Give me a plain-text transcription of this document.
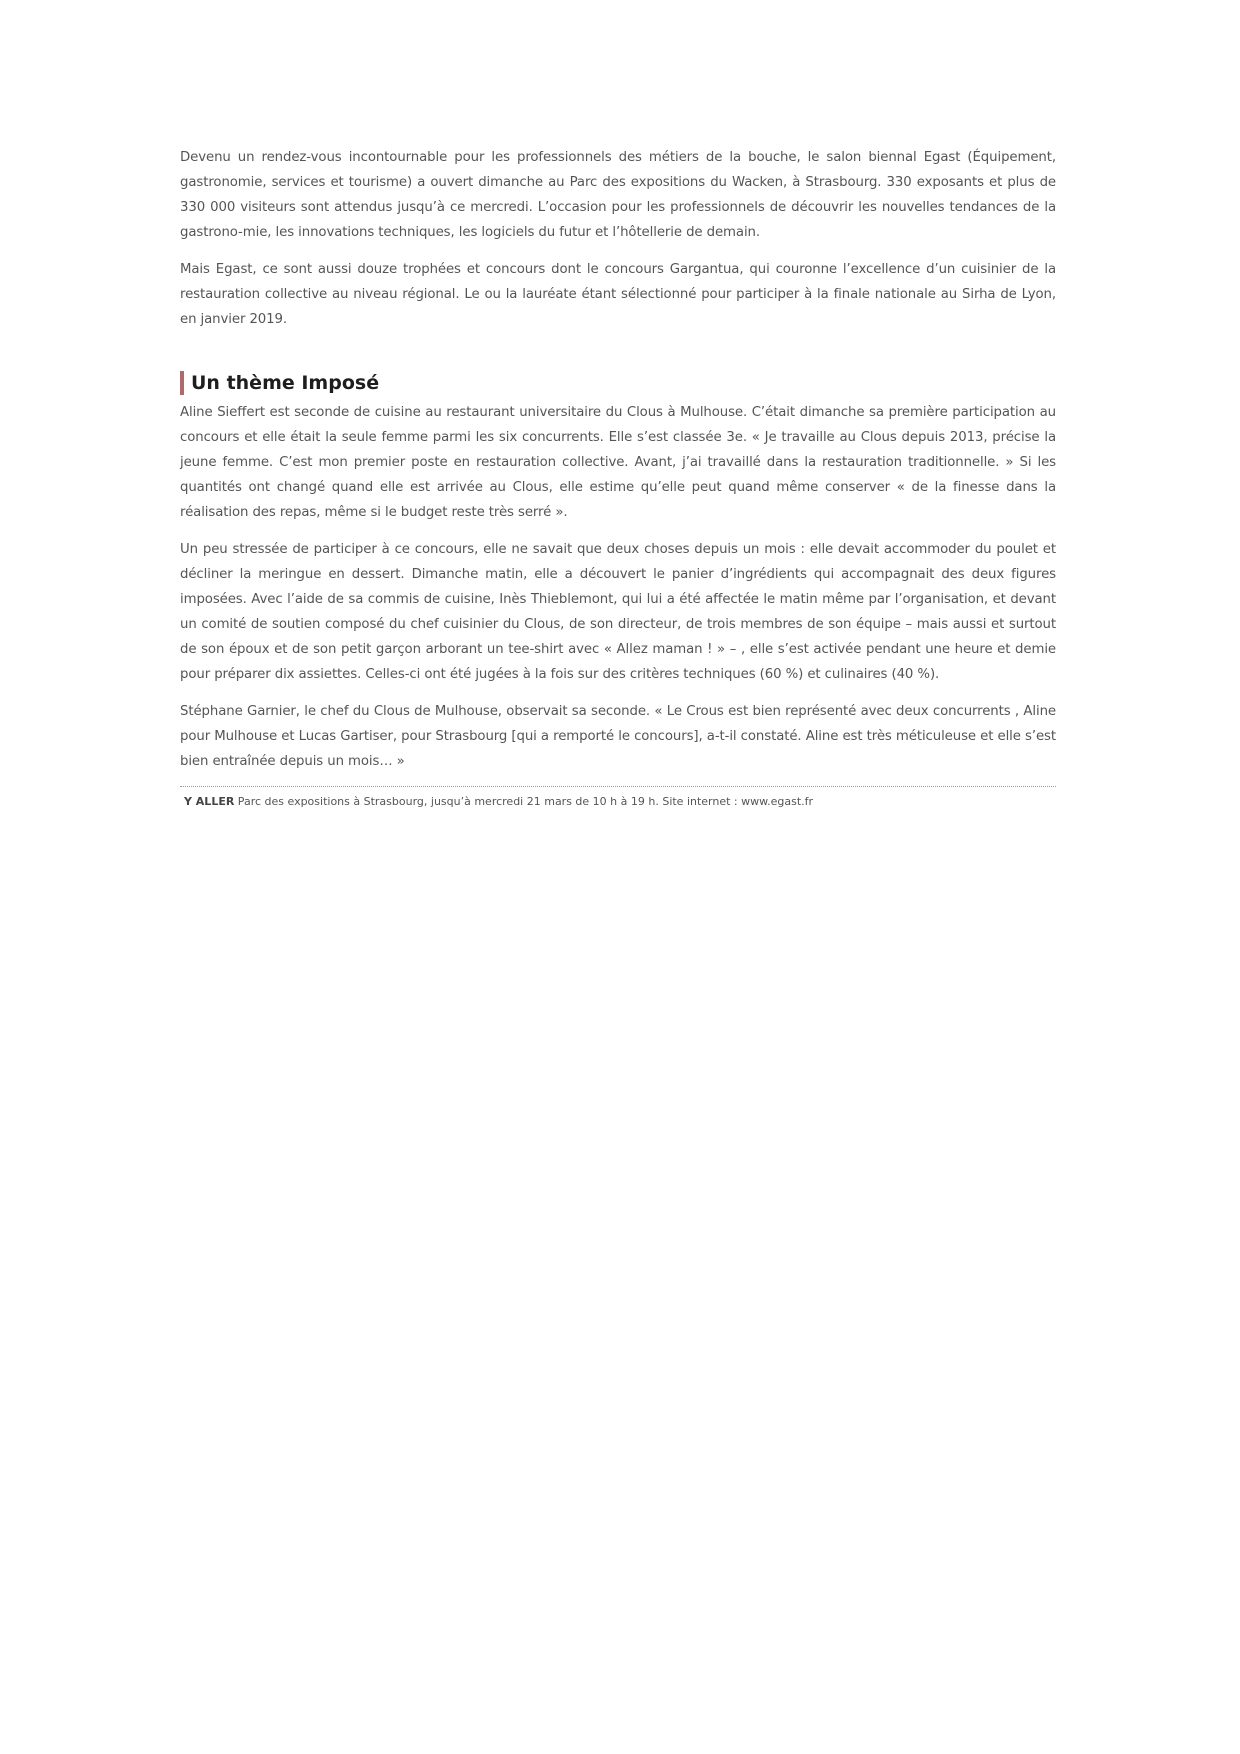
Devenu un rendez-vous incontournable pour les professionnels des métiers de la bouche, le salon biennal Egast (Équipement, gastronomie, services et tourisme) a ouvert dimanche au Parc des expositions du Wacken, à Strasbourg. 330 exposants et plus de 330 000 visiteurs sont attendus jusqu’à ce mercredi. L’occasion pour les professionnels de découvrir les nouvelles tendances de la gastrono-mie, les innovations techniques, les logiciels du futur et l’hôtellerie de demain.

Mais Egast, ce sont aussi douze trophées et concours dont le concours Gargantua, qui couronne l’excellence d’un cuisinier de la restauration collective au niveau régional. Le ou la lauréate étant sélectionné pour participer à la finale nationale au Sirha de Lyon, en janvier 2019.

Un thème Imposé

Aline Sieffert est seconde de cuisine au restaurant universitaire du Clous à Mulhouse. C’était dimanche sa première participation au concours et elle était la seule femme parmi les six concurrents. Elle s’est classée 3e. « Je travaille au Clous depuis 2013, précise la jeune femme. C’est mon premier poste en restauration collective. Avant, j’ai travaillé dans la restauration traditionnelle. » Si les quantités ont changé quand elle est arrivée au Clous, elle estime qu’elle peut quand même conserver « de la finesse dans la réalisation des repas, même si le budget reste très serré ».

Un peu stressée de participer à ce concours, elle ne savait que deux choses depuis un mois : elle devait accommoder du poulet et décliner la meringue en dessert. Dimanche matin, elle a découvert le panier d’ingrédients qui accompagnait des deux figures imposées. Avec l’aide de sa commis de cuisine, Inès Thieblemont, qui lui a été affectée le matin même par l’organisation, et devant un comité de soutien composé du chef cuisinier du Clous, de son directeur, de trois membres de son équipe – mais aussi et surtout de son époux et de son petit garçon arborant un tee-shirt avec « Allez maman ! » – , elle s’est activée pendant une heure et demie pour préparer dix assiettes. Celles-ci ont été jugées à la fois sur des critères techniques (60 %) et culinaires (40 %).

Stéphane Garnier, le chef du Clous de Mulhouse, observait sa seconde. « Le Crous est bien représenté avec deux concurrents , Aline pour Mulhouse et Lucas Gartiser, pour Strasbourg [qui a remporté le concours], a-t-il constaté. Aline est très méticuleuse et elle s’est bien entraînée depuis un mois… »

Y ALLER Parc des expositions à Strasbourg, jusqu’à mercredi 21 mars de 10 h à 19 h. Site internet : www.egast.fr
